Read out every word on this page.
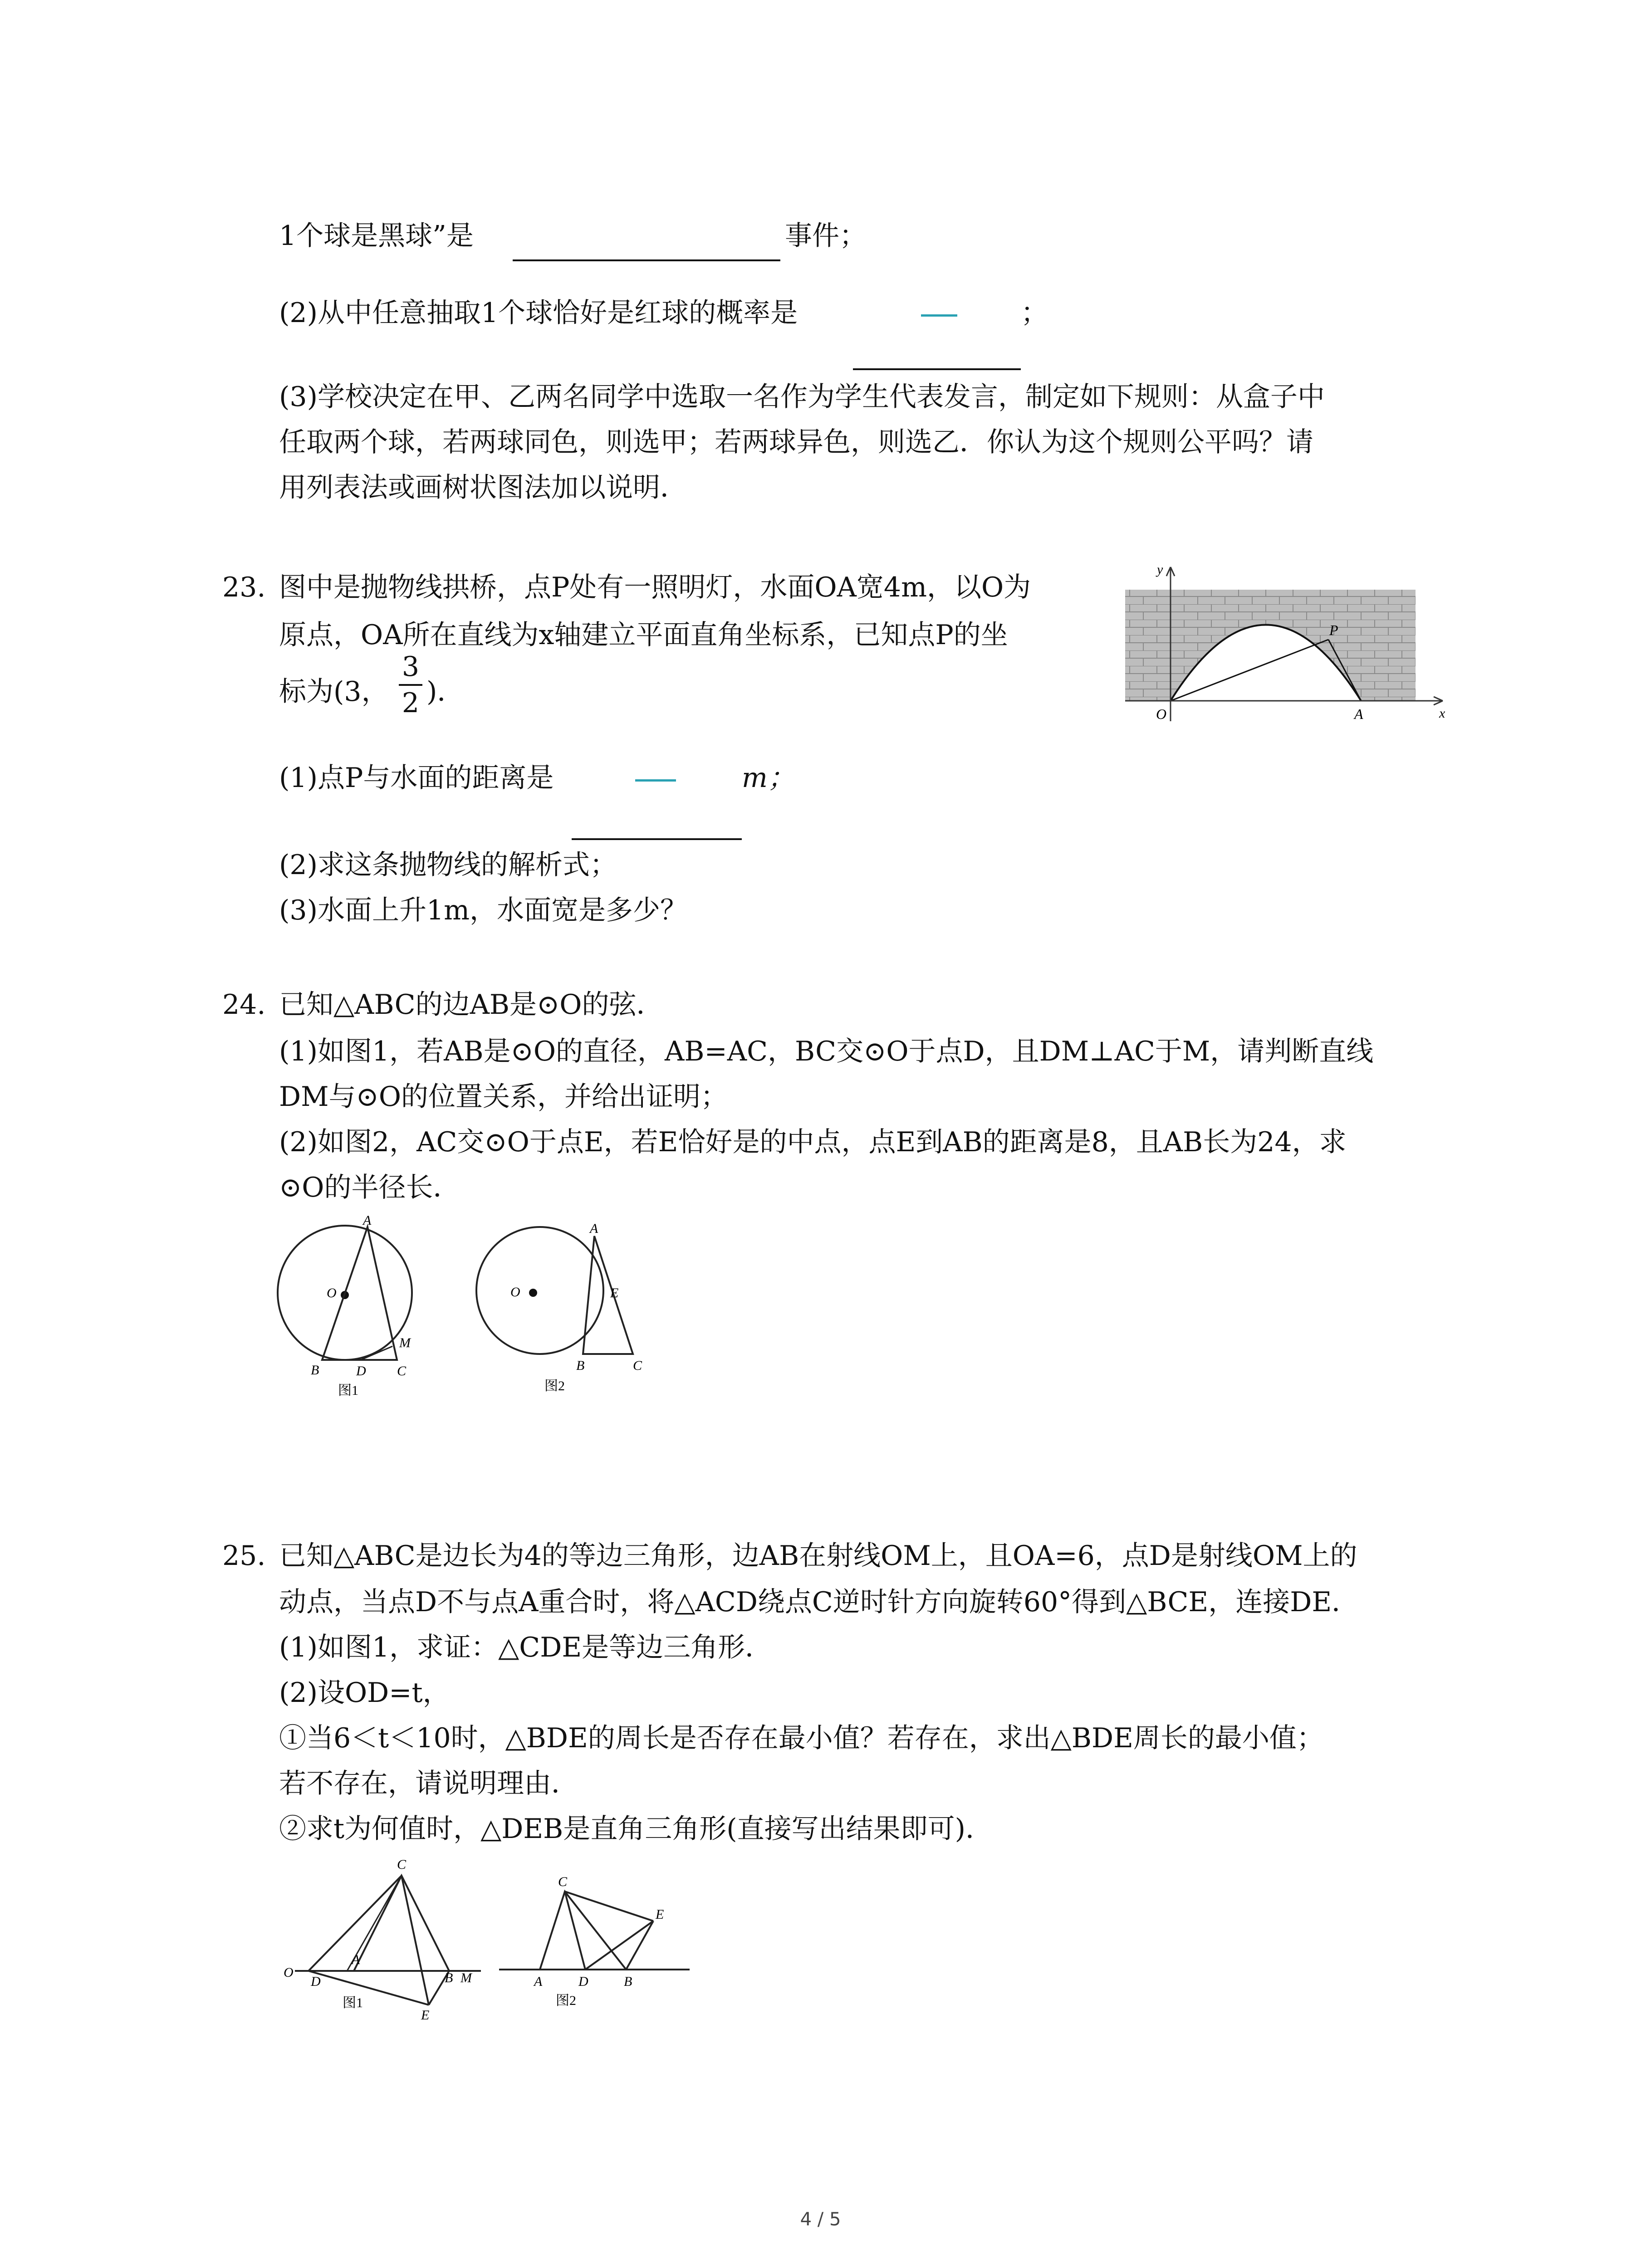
1个球是黑球”是	事件；
(2)从中任意抽取1个球恰好是红球的概率是	；
(3)学校决定在甲、乙两名同学中选取一名作为学生代表发言，制定如下规则：从盒子中
任取两个球，若两球同色，则选甲；若两球异色，则选乙．你认为这个规则公平吗？请
用列表法或画树状图法加以说明．
23. 图中是抛物线拱桥，点P处有一照明灯，水面OA宽4m，以O为
原点，OA所在直线为x轴建立平面直角坐标系，已知点P的坐
标为(3，
3
2 )．
(1)点P与水面的距离是	m；
(2)求这条抛物线的解析式；
(3)水面上升1m，水面宽是多少？
y
x
O	A
P
24. 已知△ABC的边AB是⊙O的弦．
(1)如图1，若AB是⊙O的直径，AB=AC，BC交⊙O于点D，且DM⊥AC于M，请判断直线
DM与⊙O的位置关系，并给出证明；
(2)如图2，AC交⊙O于点E，若E恰好是的中点，点E到AB的距离是8，且AB长为24，求
⊙O的半径长．
A
O
B	D C
M
图1
A
O	E
B	C
图2
25. 已知△ABC是边长为4的等边三角形，边AB在射线OM上，且OA=6，点D是射线OM上的
动点，当点D不与点A重合时，将△ACD绕点C逆时针方向旋转60°得到△BCE，连接DE．
(1)如图1，求证：△CDE是等边三角形．
(2)设OD=t，
①当6＜t＜10时，△BDE的周长是否存在最小值？若存在，求出△BDE周长的最小值；
若不存在，请说明理由．
②求t为何值时，△DEB是直角三角形(直接写出结果即可)．
C
A
O
D	B M
E
图1
C
E
A	D	B
图2
4 / 5
